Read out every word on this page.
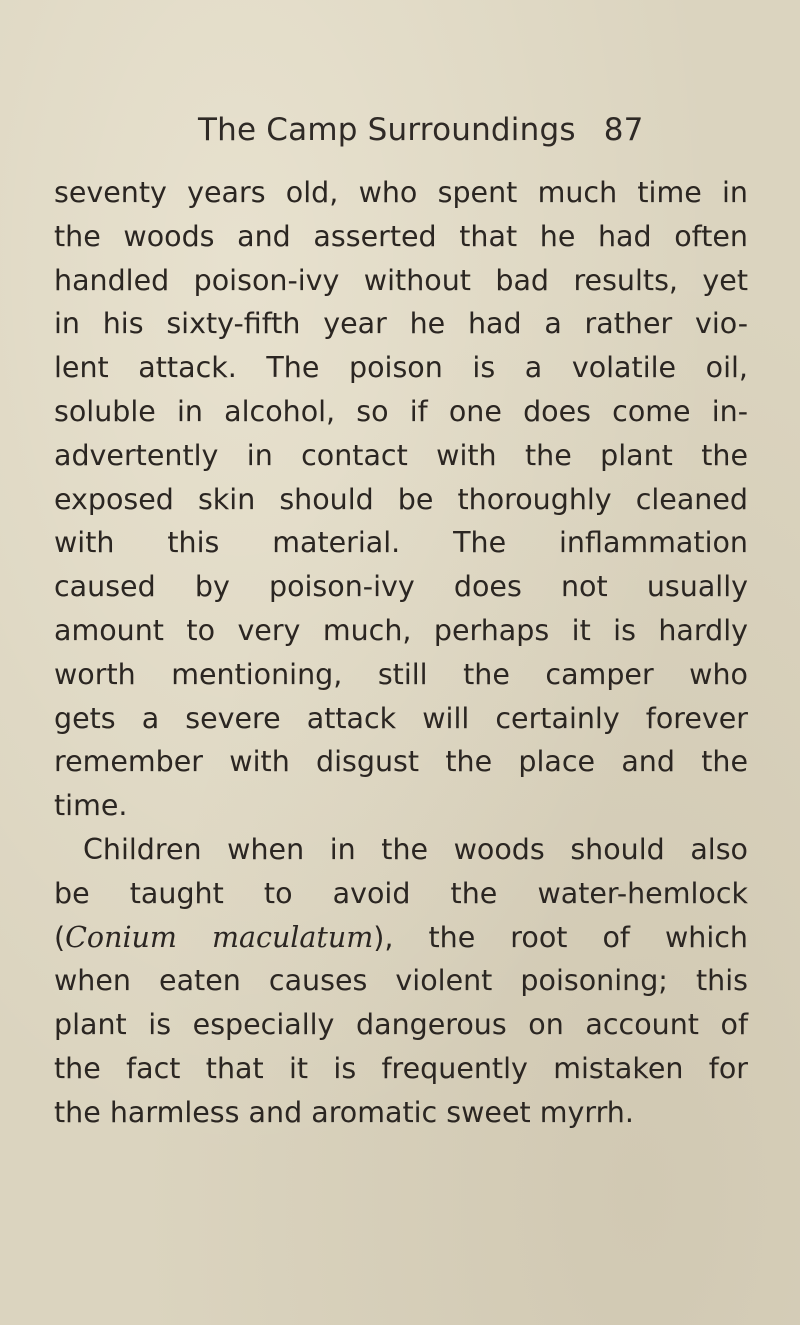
The Camp Surroundings 87
seventy years old, who spent much time in
the woods and asserted that he had often
handled poison-ivy without bad results, yet
in his sixty-fifth year he had a rather vio-
lent attack. The poison is a volatile oil,
soluble in alcohol, so if one does come in-
advertently in contact with the plant the
exposed skin should be thoroughly cleaned
with this material. The inflammation
caused by poison-ivy does not usually
amount to very much, perhaps it is hardly
worth mentioning, still the camper who
gets a severe attack will certainly forever
remember with disgust the place and the
time.
Children when in the woods should also
be taught to avoid the water-hemlock
(Conium maculatum), the root of which
when eaten causes violent poisoning; this
plant is especially dangerous on account of
the fact that it is frequently mistaken for
the harmless and aromatic sweet myrrh.
